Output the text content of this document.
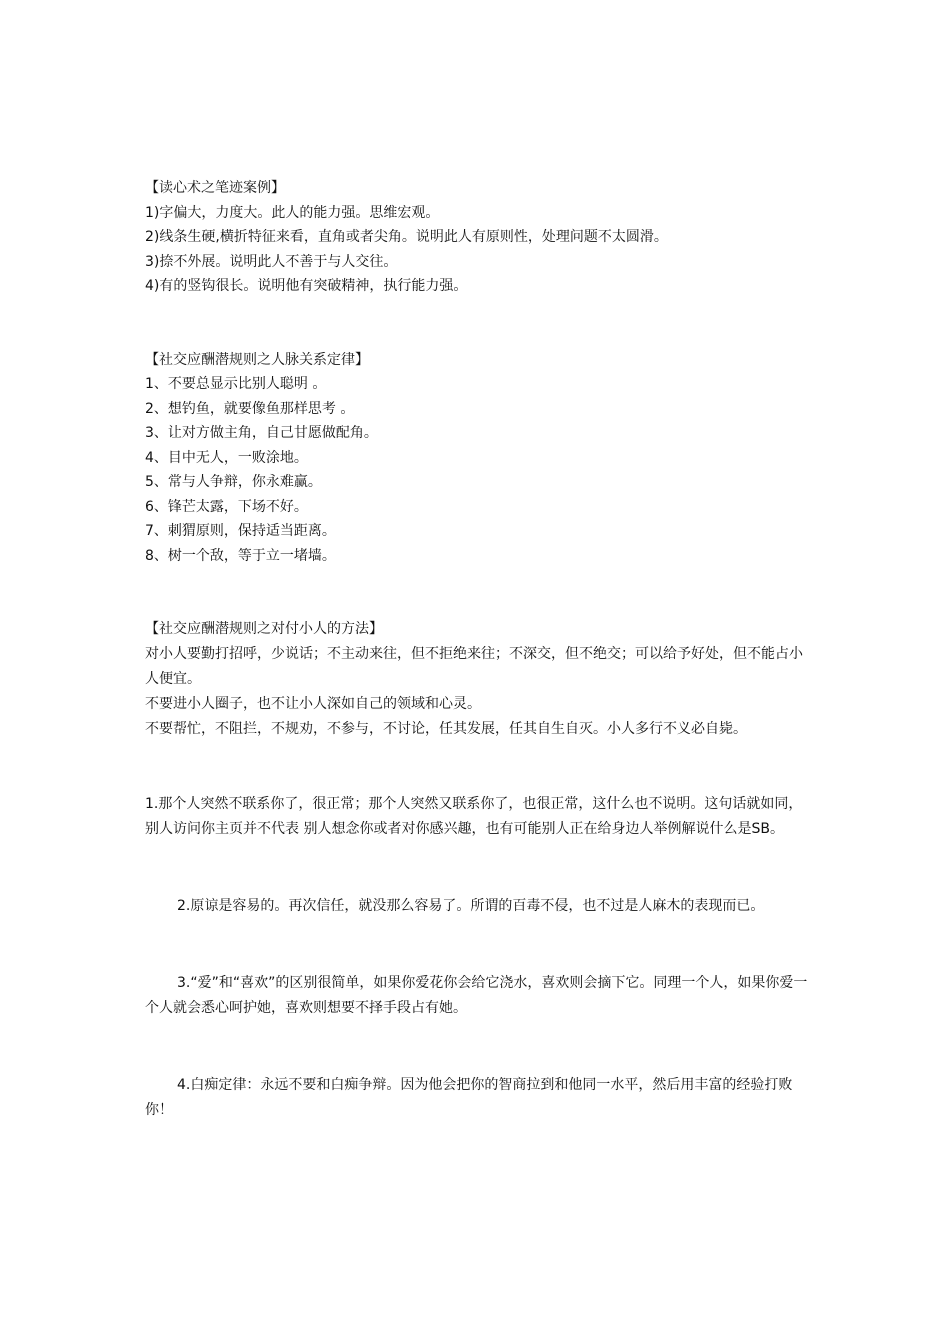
【读心术之笔迹案例】
1)字偏大，力度大。此人的能力强。思维宏观。
2)线条生硬,横折特征来看，直角或者尖角。说明此人有原则性，处理问题不太圆滑。
3)捺不外展。说明此人不善于与人交往。
4)有的竖钩很长。说明他有突破精神，执行能力强。
【社交应酬潜规则之人脉关系定律】
1、不要总显示比别人聪明 。
2、想钓鱼，就要像鱼那样思考 。
3、让对方做主角，自己甘愿做配角。
4、目中无人，一败涂地。
5、常与人争辩，你永难赢。
6、锋芒太露，下场不好。
7、刺猬原则，保持适当距离。
8、树一个敌，等于立一堵墙。
【社交应酬潜规则之对付小人的方法】
对小人要勤打招呼，少说话；不主动来往，但不拒绝来往；不深交，但不绝交；可以给予好处，但不能占小人便宜。
不要进小人圈子，也不让小人深如自己的领域和心灵。
不要帮忙，不阻拦，不规劝，不参与，不讨论，任其发展，任其自生自灭。小人多行不义必自毙。
1.那个人突然不联系你了，很正常；那个人突然又联系你了，也很正常，这什么也不说明。这句话就如同，别人访问你主页并不代表 别人想念你或者对你感兴趣，也有可能别人正在给身边人举例解说什么是SB。
2.原谅是容易的。再次信任，就没那么容易了。所谓的百毒不侵，也不过是人麻木的表现而已。
3.“爱”和“喜欢”的区别很简单，如果你爱花你会给它浇水，喜欢则会摘下它。同理一个人，如果你爱一个人就会悉心呵护她，喜欢则想要不择手段占有她。
4.白痴定律：永远不要和白痴争辩。因为他会把你的智商拉到和他同一水平，然后用丰富的经验打败你！
